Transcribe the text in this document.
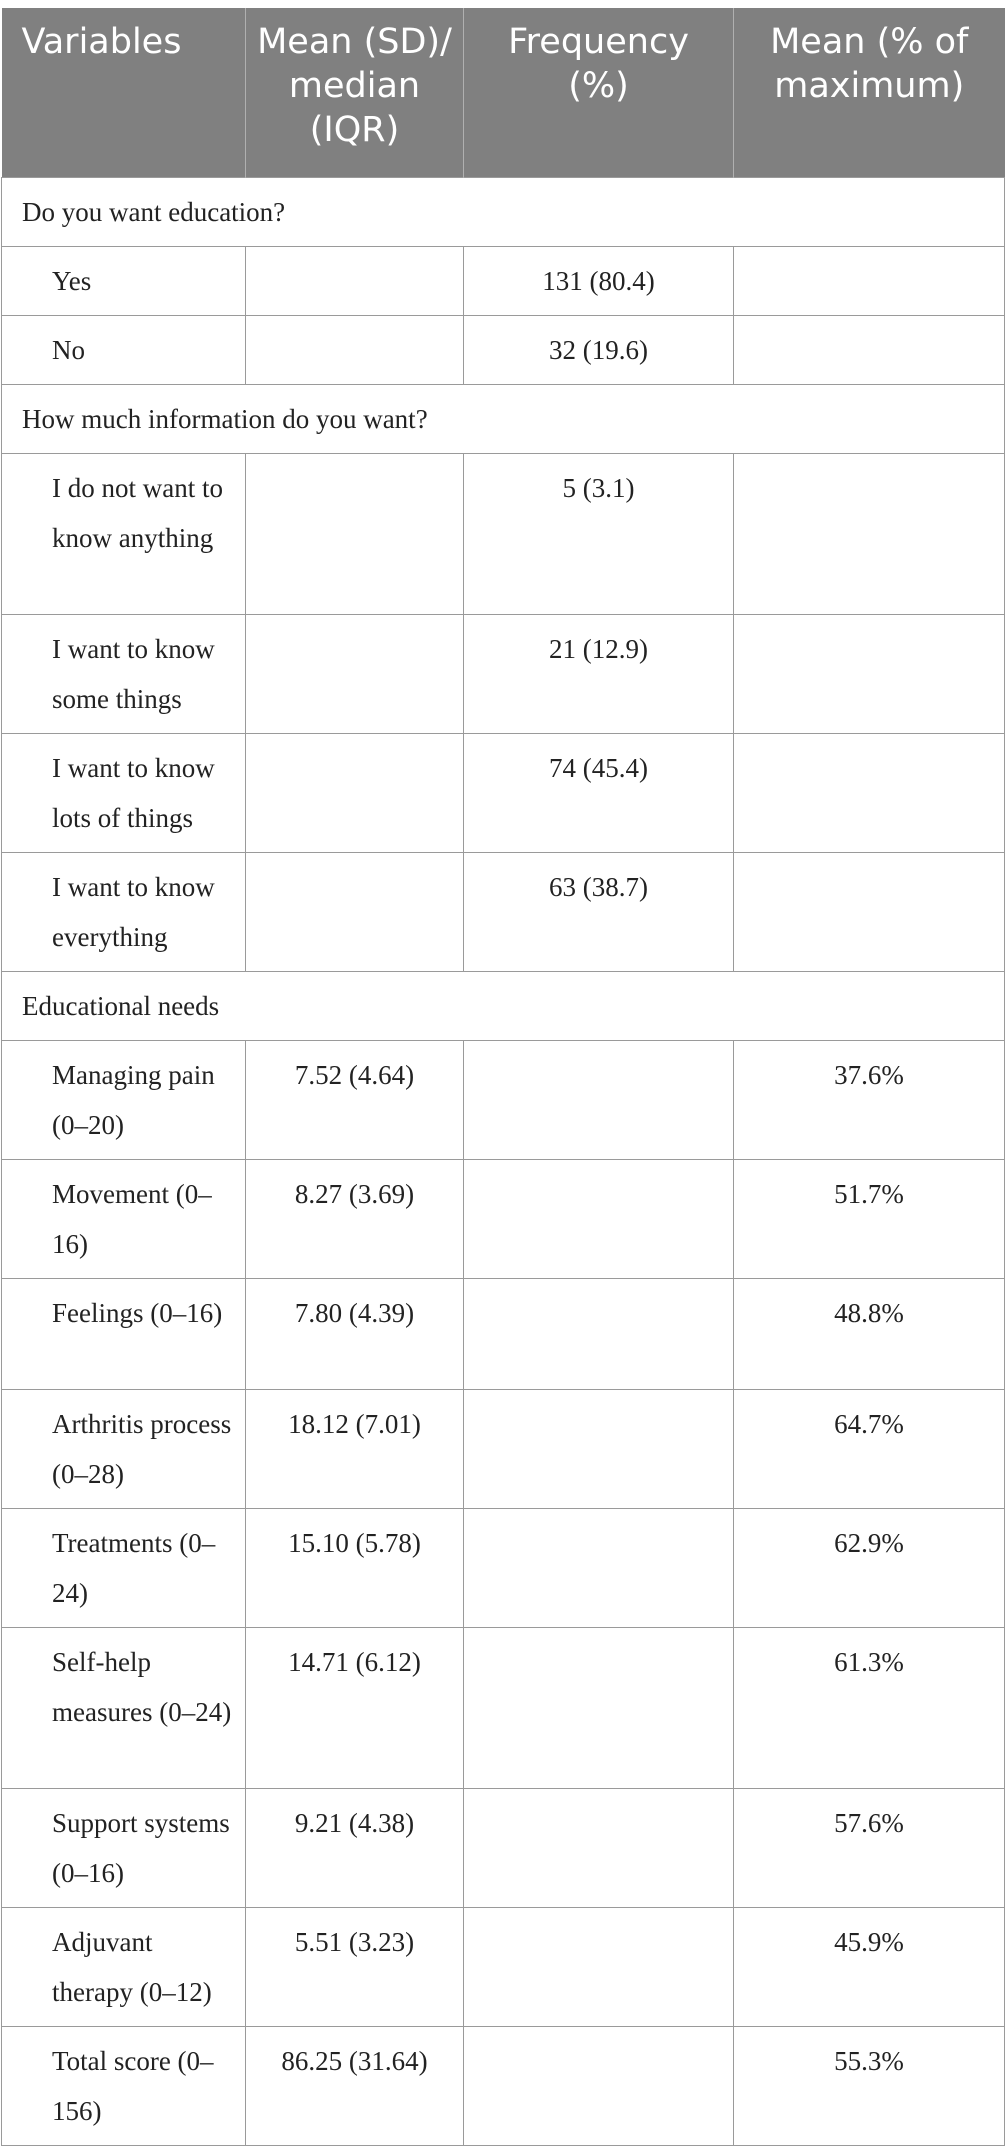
Variables	Mean (SD)/ median (IQR)	Frequency (%)	Mean (% of maximum)
Do you want education?			
Yes		131 (80.4)	
No		32 (19.6)	
How much information do you want?			
I do not want to know anything		5 (3.1)	
I want to know some things		21 (12.9)	
I want to know lots of things		74 (45.4)	
I want to know everything		63 (38.7)	
Educational needs			
Managing pain (0–20)	7.52 (4.64)		37.6%
Movement (0–16)	8.27 (3.69)		51.7%
Feelings (0–16)	7.80 (4.39)		48.8%
Arthritis process (0–28)	18.12 (7.01)		64.7%
Treatments (0–24)	15.10 (5.78)		62.9%
Self-help measures (0–24)	14.71 (6.12)		61.3%
Support systems (0–16)	9.21 (4.38)		57.6%
Adjuvant therapy (0–12)	5.51 (3.23)		45.9%
Total score (0–156)	86.25 (31.64)		55.3%
